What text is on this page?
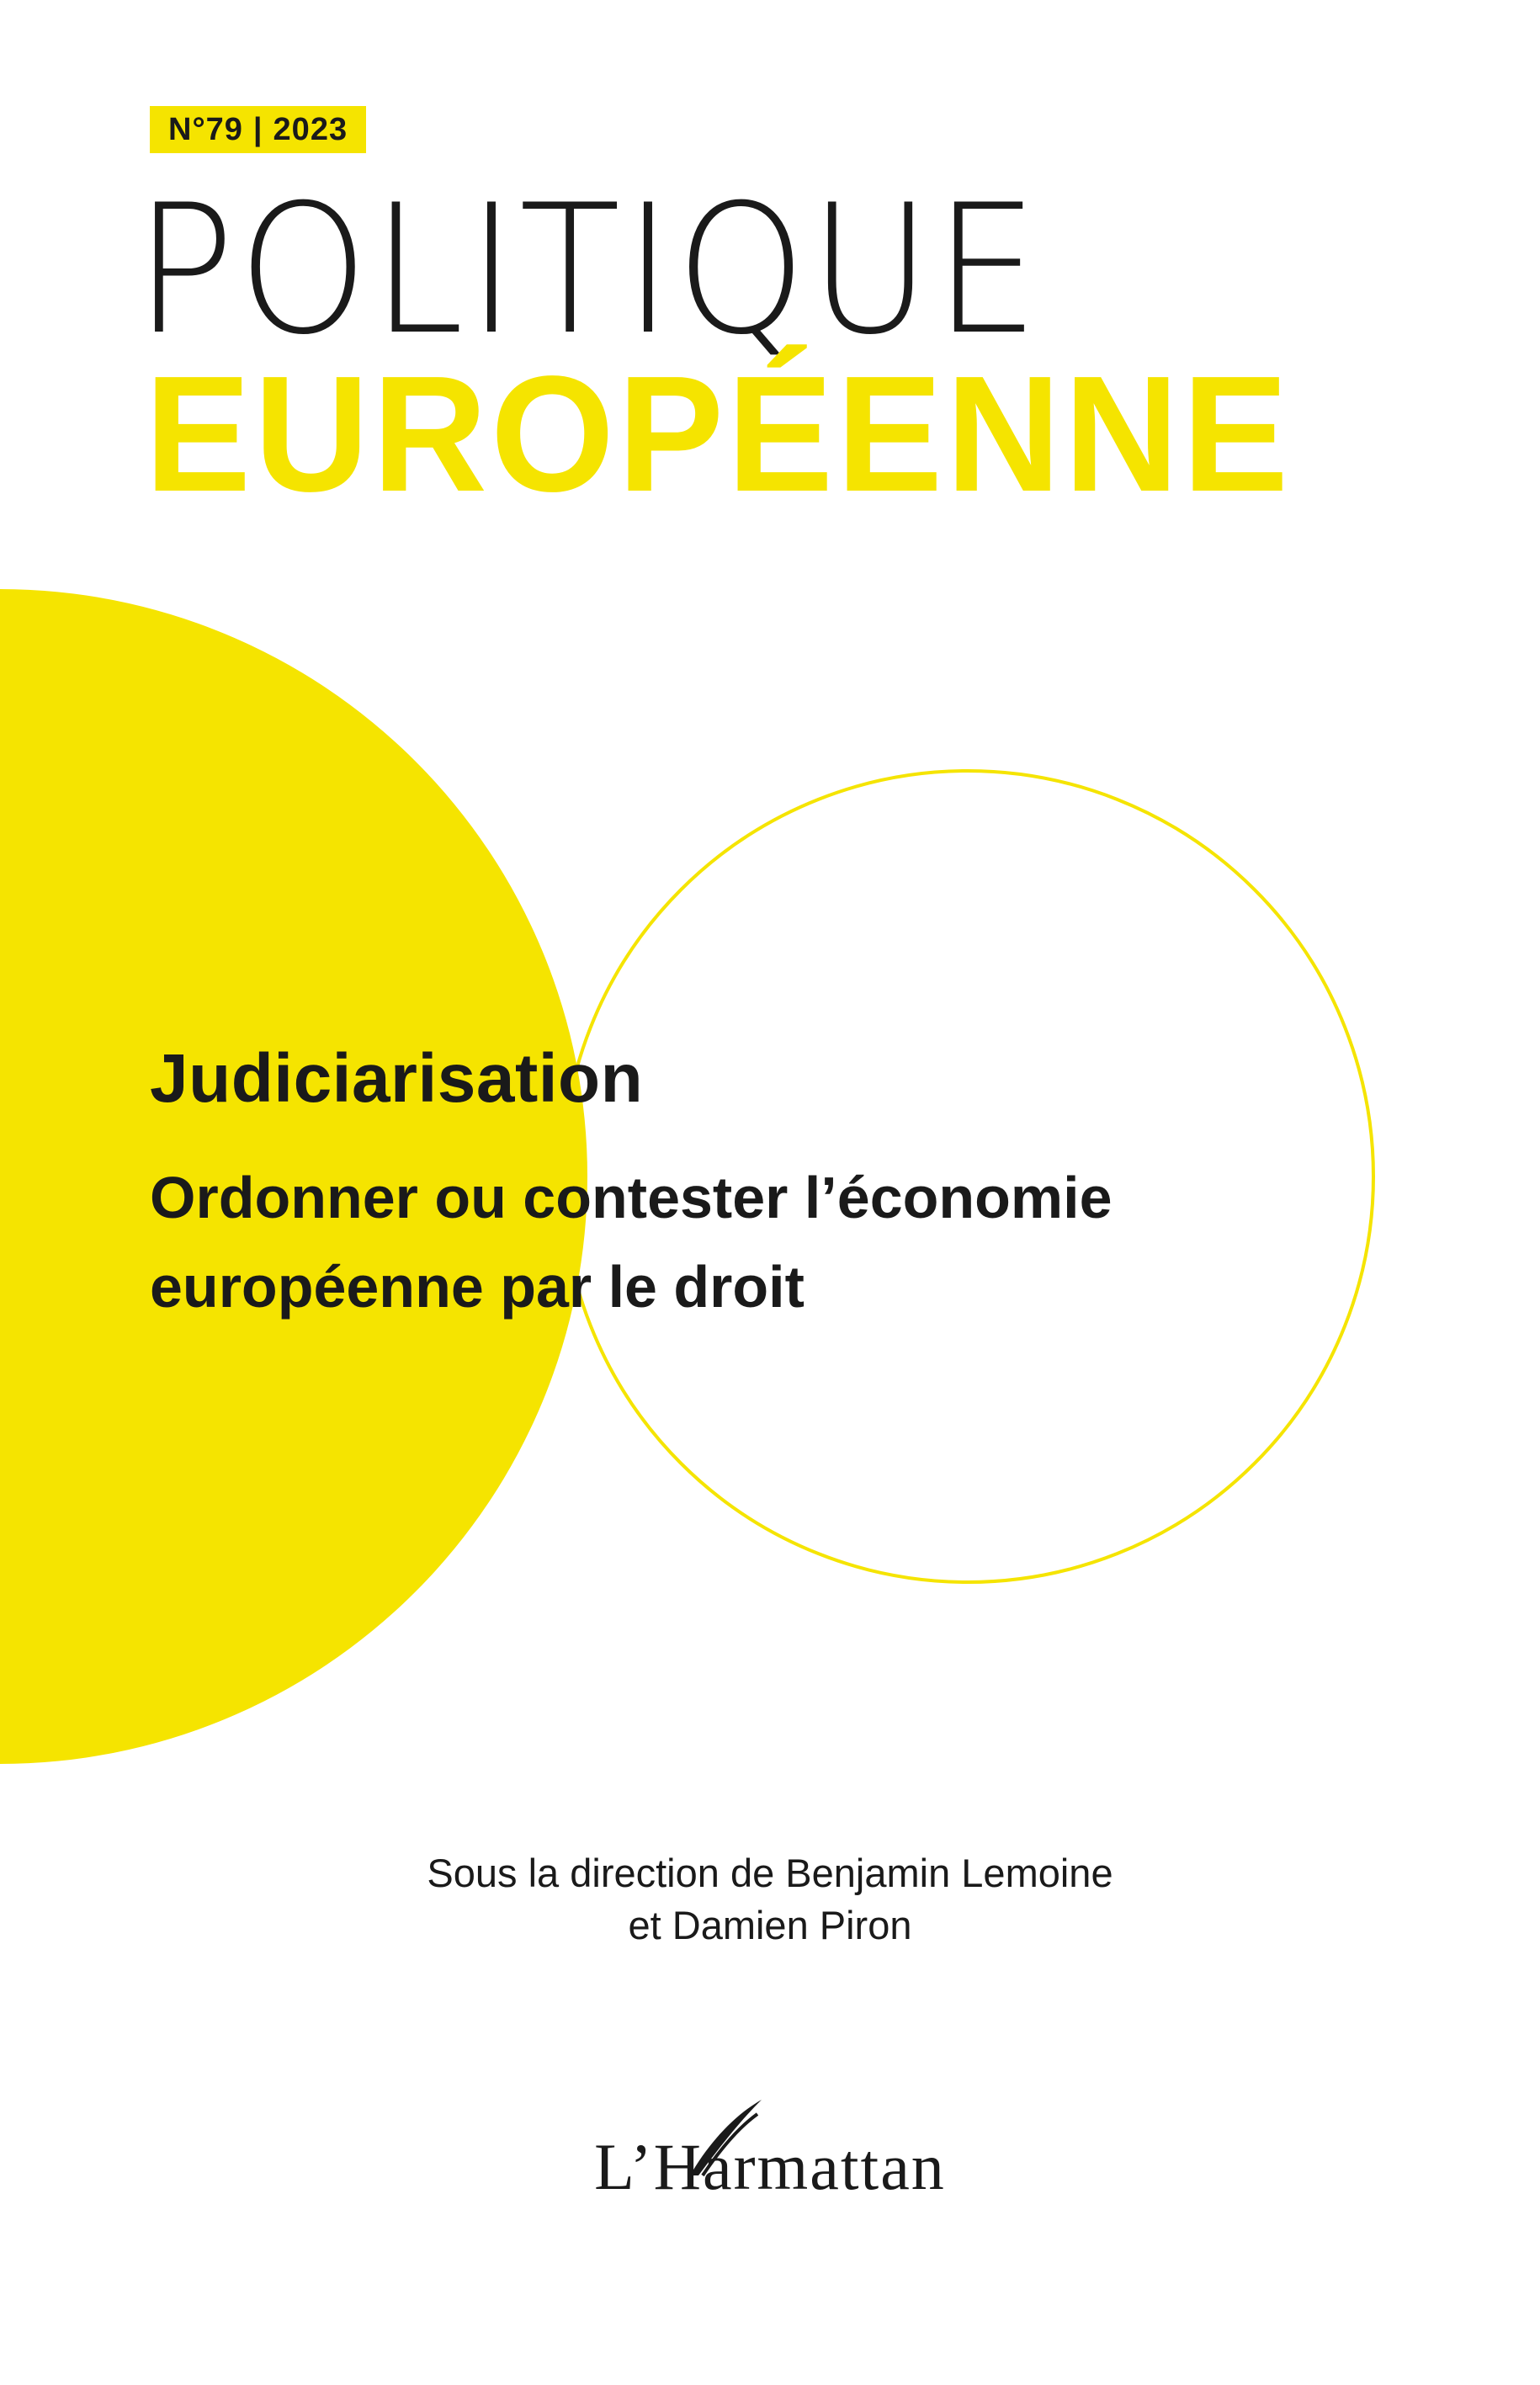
N°79 | 2023
POLITIQUE
EUROPÉENNE
Judiciarisation
Ordonner ou contester l’économie
européenne par le droit
Sous la direction de Benjamin Lemoine
et Damien Piron
L’Harmattan
